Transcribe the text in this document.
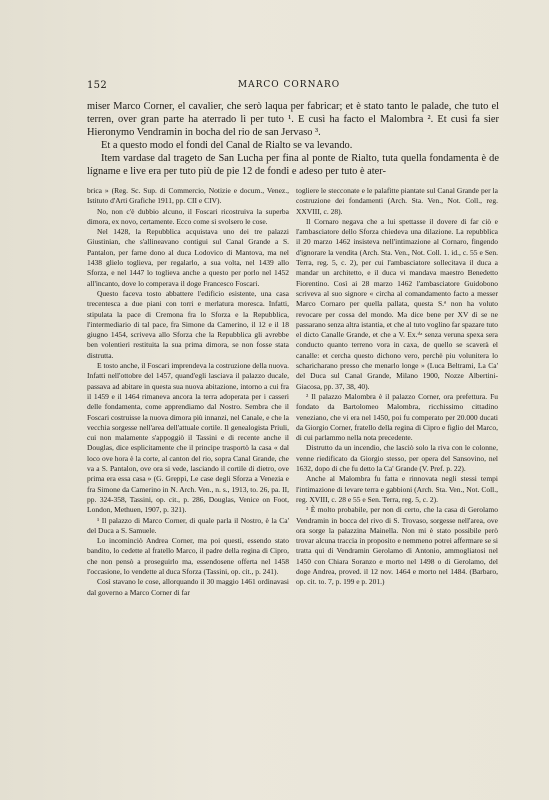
152	MARCO CORNARO

miser Marco Corner, el cavalier, che serò laqua per fabricar; et è stato tanto le palade, che tuto el terren, over gran parte ha aterrado lì per tuto ¹. E cusì ha facto el Malombra ². Et cusì fa sier Hieronymo Vendramin in bocha del rio de san Jervaso ³.

Et a questo modo el fondi del Canal de Rialto se va levando.

Item vardase dal trageto de San Lucha per fina al ponte de Rialto, tuta quella fondamenta è de lígname e live era per tuto più de pie 12 de fondi e adeso per tuto è ater-

brica » (Reg. Sc. Sup. di Commercio, Notizie e docum., Venez., Istituto d'Arti Grafiche 1911, pp. CII e CIV).

No, non c'è dubbio alcuno, il Foscari ricostruiva la superba dimora, ex novo, certamente. Ecco come si svolsero le cose.

Nel 1428, la Repubblica acquistava uno dei tre palazzi Giustinian, che s'allineavano contigui sul Canal Grande a S. Pantalon, per farne dono al duca Lodovico di Mantova, ma nel 1438 glielo toglieva, per regalarlo, a sua volta, nel 1439 allo Sforza, e nel 1447 lo toglieva anche a questo per porlo nel 1452 all'incanto, dove lo comperava il doge Francesco Foscari.

Questo faceva tosto abbattere l'edificio esistente, una casa trecentesca a due piani con torri e merlatura moresca. Infatti, stipulata la pace di Cremona fra lo Sforza e la Repubblica, l'intermediario di tal pace, fra Simone da Camerino, il 12 e il 18 giugno 1454, scriveva allo Sforza che la Repubblica gli avrebbe ben volentieri restituita la sua prima dimora, se non fosse stata distrutta.

E tosto anche, il Foscari imprendeva la costruzione della nuova. Infatti nell'ottobre del 1457, quand'egli lasciava il palazzo ducale, passava ad abitare in questa sua nuova abitazione, intorno a cui fra il 1459 e il 1464 rimaneva ancora la terra adoperata per i casseri delle fondamenta, come apprendiamo dal Nostro. Sembra che il Foscari costruisse la nuova dimora più innanzi, nel Canale, e che la vecchia sorgesse nell'area dell'attuale cortile. Il genealogista Priuli, cui non malamente s'appoggiò il Tassini e di recente anche il Douglas, dice esplicitamente che il principe trasportò la casa « dal loco ove hora è la corte, al canton del rio, sopra Canal Grande, che va a S. Pantalon, ove ora si vede, lasciando il cortile di dietro, ove prima era essa casa » (G. Greppi, Le case degli Sforza a Venezia e fra Simone da Camerino in N. Arch. Ven., n. s., 1913, to. 26, pa. II, pp. 324-358, Tassini, op. cit., p. 286, Douglas, Venice on Foot, London, Methuen, 1907, p. 321).

¹ Il palazzo di Marco Corner, di quale parla il Nostro, è la Ca' del Duca a S. Samuele.

Lo incominciò Andrea Corner, ma poi questi, essendo stato bandito, lo cedette al fratello Marco, il padre della regina di Cipro, che non pensò a proseguirlo ma, essendosene offerta nel 1458 l'occasione, lo vendette al duca Sforza (Tassini, op. cit., p. 241).

Così stavano le cose, allorquando il 30 maggio 1461 ordinavasi dal governo a Marco Corner di far

togliere le stecconate e le palafitte piantate sul Canal Grande per la costruzione dei fondamenti (Arch. Sta. Ven., Not. Coll., reg. XXVIII, c. 28).

Il Cornaro negava che a lui spettasse il dovere di far ciò e l'ambasciatore dello Sforza chiedeva una dilazione. La repubblica il 20 marzo 1462 insisteva nell'intimazione al Cornaro, fingendo d'ignorare la vendita (Arch. Sta. Ven., Not. Coll. 1. id., c. 55 e Sen. Terra, reg. 5, c. 2), per cui l'ambasciatore sollecitava il duca a mandar un architetto, e il duca vi mandava maestro Benedetto Fiorentino. Così ai 28 marzo 1462 l'ambasciatore Guidobono scriveva al suo signore « circha al comandamento facto a messer Marco Cornaro per quella pallata, questa S.ª non ha voluto revocare per cossa del mondo. Ma dice bene per XV dì se ne passarano senza altra istantia, et che al tuto voglino far spazare tuto el dicto Canalle Grande, et che a V. Ex.ᵗⁱᵃ senza veruna spexa sera conducto quanto terreno vora in caxa, de quello se scaverà el canalle: et cercha questo dichono vero, perchè piu volunitera lo scharicharano presso che menarlo longe » (Luca Beltrami, La Ca' del Duca sul Canal Grande, Milano 1900, Nozze Albertini-Giacosa, pp. 37, 38, 40).

² Il palazzo Malombra è il palazzo Corner, ora prefettura. Fu fondato da Bartolomeo Malombra, ricchissimo cittadino veneziano, che vi era nel 1450, poi fu comperato per 20.000 ducati da Giorgio Corner, fratello della regina di Cipro e figlio del Marco, di cui parlammo nella nota precedente.

Distrutto da un incendio, che lasciò solo la riva con le colonne, venne riedificato da Giorgio stesso, per opera del Sansovino, nel 1632, dopo di che fu detto la Ca' Grande (V. Pref. p. 22).

Anche al Malombra fu fatta e rinnovata negli stessi tempi l'intimazione di levare terra e gabbioni (Arch. Sta. Ven., Not. Coll., reg. XVIII, c. 28 e 55 e Sen. Terra, reg. 5, c. 2).

³ È molto probabile, per non di certo, che la casa di Gerolamo Vendramin in bocca del rivo di S. Trovaso, sorgesse nell'area, ove ora sorge la palazzina Mainella. Non mi è stato possibile però trovar alcuna traccia in proposito e nemmeno potrei affermare se si tratta qui di Vendramin Gerolamo di Antonio, ammogliatosi nel 1450 con Chiara Soranzo e morto nel 1498 o di Gerolamo, del doge Andrea, proved. il 12 nov. 1464 e morto nel 1484. (Barbaro, op. cit. to. 7, p. 199 e p. 201.)
